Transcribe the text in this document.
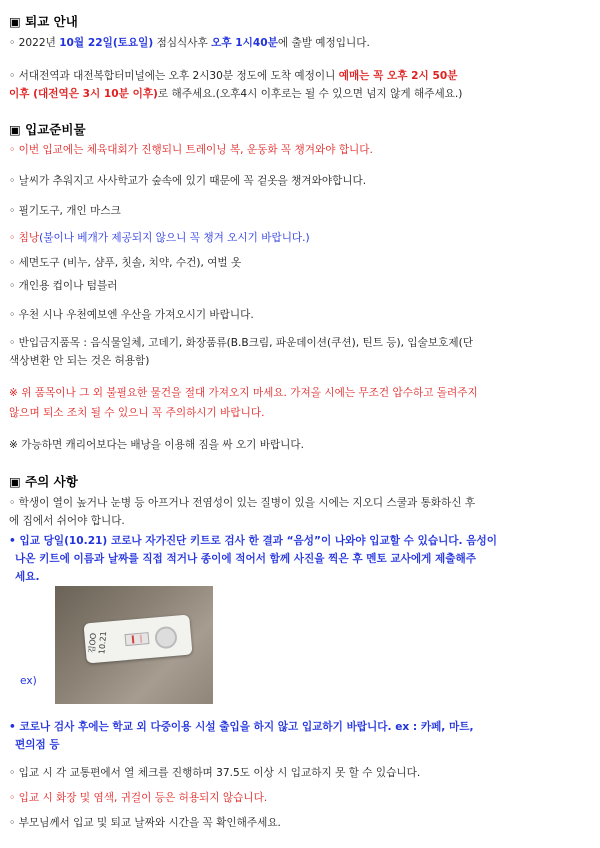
▣ 퇴교 안내
◦ 2022년 10월 22일(토요일) 점심식사후 오후 1시40분에 출발 예정입니다.
◦ 서대전역과 대전복합터미널에는 오후 2시30분 정도에 도착 예정이니 예매는 꼭 오후 2시 50분
이후 (대전역은 3시 10분 이후)로 해주세요.(오후4시 이후로는 될 수 있으면 넘지 않게 해주세요.)
▣ 입교준비물
◦ 이번 입교에는 체육대회가 진행되니 트레이닝 복, 운동화 꼭 챙겨와야 합니다.
◦ 날씨가 추워지고 사사학교가 숲속에 있기 때문에 꼭 겉옷을 챙겨와야합니다.
◦ 필기도구, 개인 마스크
◦ 침낭(불이나 베개가 제공되지 않으니 꼭 챙겨 오시기 바랍니다.)
◦ 세면도구 (비누, 샴푸, 칫솔, 치약, 수건), 여벌 옷
◦ 개인용 컵이나 텀블러
◦ 우천 시나 우천예보엔 우산을 가져오시기 바랍니다.
◦ 반입금지품목 : 음식물일체, 고데기, 화장품류(B.B크림, 파운데이션(쿠션), 틴트 등), 입술보호제(단
색상변환 안 되는 것은 허용함)
※ 위 품목이나 그 외 불필요한 물건을 절대 가져오지 마세요. 가져올 시에는 무조건 압수하고 돌려주지
않으며 퇴소 조치 될 수 있으니 꼭 주의하시기 바랍니다.
※ 가능하면 캐리어보다는 배낭을 이용해 짐을 싸 오기 바랍니다.
▣ 주의 사항
◦ 학생이 열이 높거나 눈병 등 아프거나 전염성이 있는 질병이 있을 시에는 지오디 스쿨과 통화하신 후
에 집에서 쉬어야 합니다.
• 입교 당일(10.21) 코로나 자가진단 키트로 검사 한 결과 “음성”이 나와야 입교할 수 있습니다. 음성이
나온 키트에 이름과 날짜를 직접 적거나 종이에 적어서 함께 사진을 찍은 후 멘토 교사에게 제출해주
세요.
김OO 10.21
ex)
• 코로나 검사 후에는 학교 외 다중이용 시설 출입을 하지 않고 입교하기 바랍니다. ex : 카페, 마트,
편의점 등
◦ 입교 시 각 교통편에서 열 체크를 진행하며 37.5도 이상 시 입교하지 못 할 수 있습니다.
◦ 입교 시 화장 및 염색, 귀걸이 등은 허용되지 않습니다.
◦ 부모님께서 입교 및 퇴교 날짜와 시간을 꼭 확인해주세요.
